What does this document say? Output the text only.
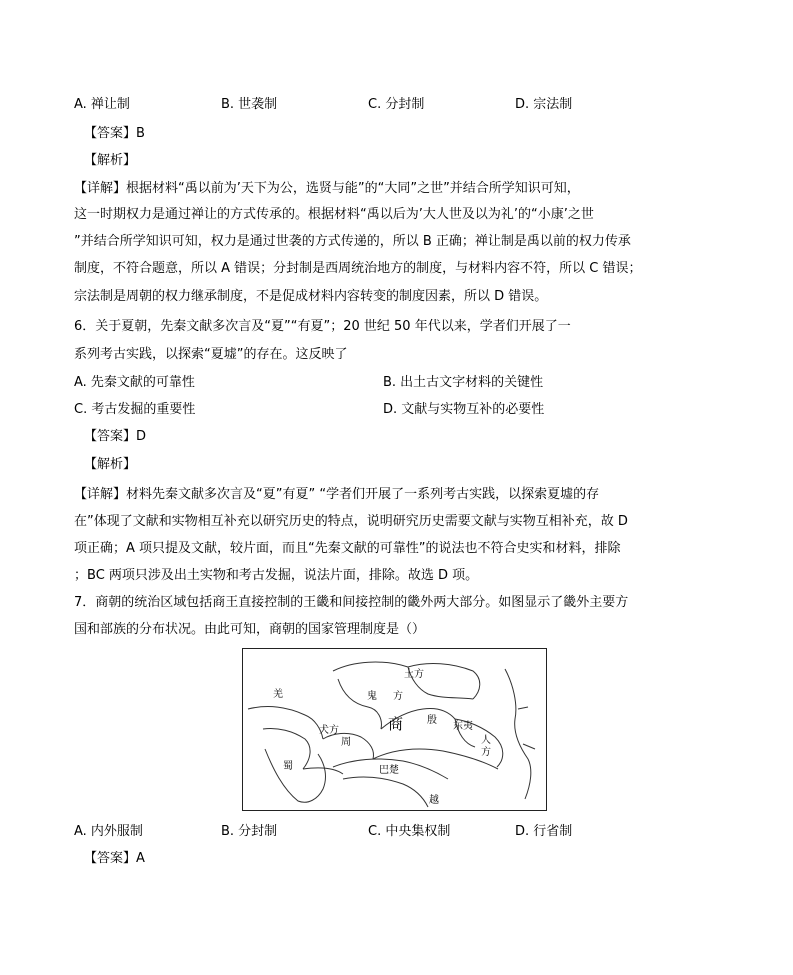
A. 禅让制	B. 世袭制	C. 分封制	D. 宗法制
【答案】B
【解析】
【详解】根据材料“禹以前为’天下为公，选贤与能”的“大同”之世”并结合所学知识可知，
这一时期权力是通过禅让的方式传承的。根据材料“禹以后为’大人世及以为礼’的“小康’之世
”并结合所学知识可知，权力是通过世袭的方式传递的，所以 B 正确；禅让制是禹以前的权力传承
制度，不符合题意，所以 A 错误；分封制是西周统治地方的制度，与材料内容不符，所以 C 错误；
宗法制是周朝的权力继承制度，不是促成材料内容转变的制度因素，所以 D 错误。
6．关于夏朝，先秦文献多次言及“夏”“有夏”；20 世纪 50 年代以来，学者们开展了一
系列考古实践，以探索“夏墟”的存在。这反映了
A. 先秦文献的可靠性	B. 出土古文字材料的关键性
C. 考古发掘的重要性	D. 文献与实物互补的必要性
【答案】D
【解析】
【详解】材料先秦文献多次言及“夏”有夏” “学者们开展了一系列考古实践，以探索夏墟的存
在”体现了文献和实物相互补充以研究历史的特点，说明研究历史需要文献与实物互相补充，故 D
项正确；A 项只提及文献，较片面，而且“先秦文献的可靠性”的说法也不符合史实和材料，排除
；BC 两项只涉及出土实物和考古发掘，说法片面，排除。故选 D 项。
7．商朝的统治区域包括商王直接控制的王畿和间接控制的畿外两大部分。如图显示了畿外主要方
国和部族的分布状况。由此可知，商朝的国家管理制度是（）
土方
羌	鬼 方
商 殷
东夷
犬方
周	人
方
蜀	巴楚
越
A. 内外服制	B. 分封制	C. 中央集权制	D. 行省制
【答案】A
